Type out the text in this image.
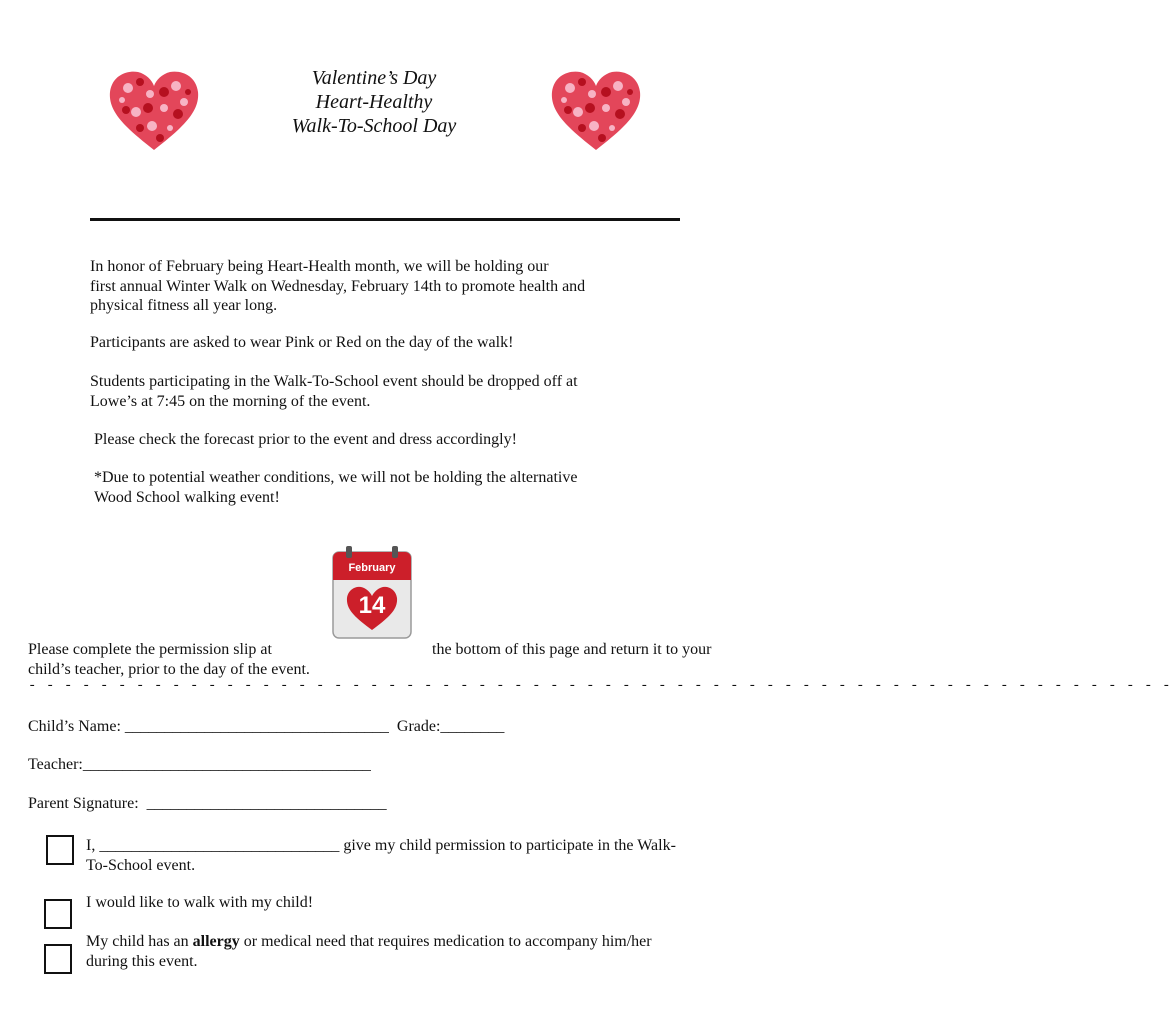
Valentine’s Day
Heart-Healthy
Walk-To-School Day

In honor of February being Heart-Health month, we will be holding our

first annual Winter Walk on Wednesday, February 14th to promote health and

physical fitness all year long.

Participants are asked to wear Pink or Red on the day of the walk!

Students participating in the Walk-To-School event should be dropped off at

Lowe’s at 7:45 on the morning of the event.

Please check the forecast prior to the event and dress accordingly!

*Due to potential weather conditions, we will not be holding the alternative

Wood School walking event!

February
14
Please complete the permission slip at
child’s teacher, prior to the day of the event.
the bottom of this page and return it to your
- - - - - - - - - - - - - - - - - - - - - - - - - - - - - - - - - - - - - - - - - - - - - - - - - - - - - - - - - - - - - - - -
Child’s Name: _________________________________  Grade:________
Teacher:____________________________________
Parent Signature:  ______________________________

I, ______________________________ give my child permission to participate in the Walk-

To-School event.

I would like to walk with my child!

My child has an allergy or medical need that requires medication to accompany him/her

during this event.
